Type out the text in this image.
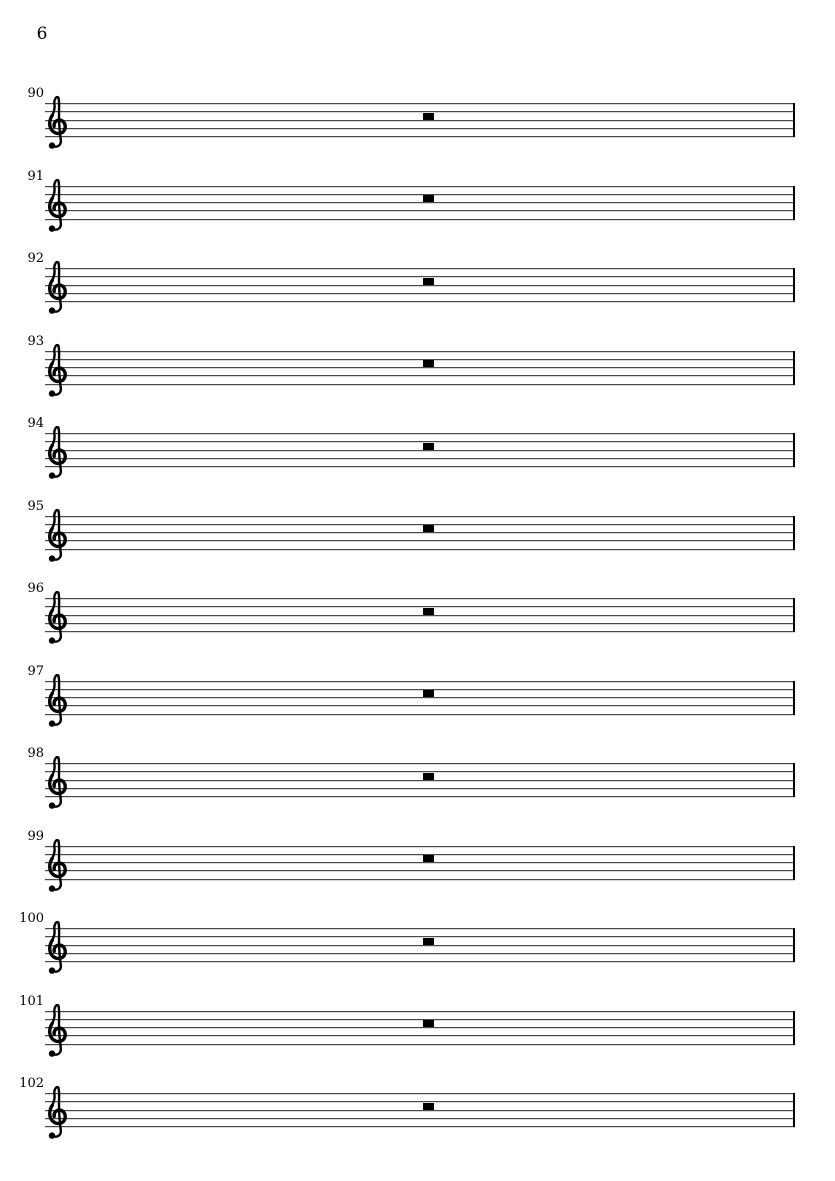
6
90
91
92
93
94
95
96
97
98
99
100
101
102
